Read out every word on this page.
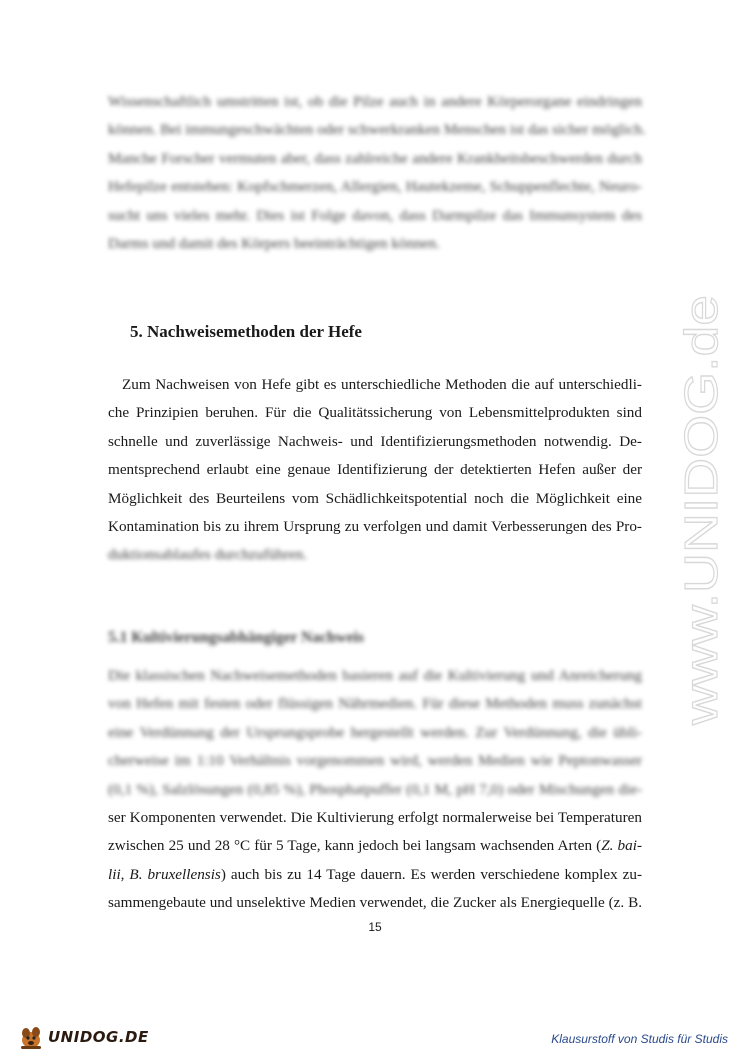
Wissenschaftlich umstritten ist, ob die Pilze auch in andere Körperorgane eindringen
können. Bei immungeschwächten oder schwerkranken Menschen ist das sicher möglich.
Manche Forscher vermuten aber, dass zahlreiche andere Krankheitsbeschwerden durch
Hefepilze entstehen: Kopfschmerzen, Allergien, Hautekzeme, Schuppenflechte, Neuro-
sucht uns vieles mehr. Dies ist Folge davon, dass Darmpilze das Immunsystem des
Darms und damit des Körpers beeinträchtigen können.
5. Nachweisemethoden der Hefe
Zum Nachweisen von Hefe gibt es unterschiedliche Methoden die auf unterschiedli-
che Prinzipien beruhen. Für die Qualitätssicherung von Lebensmittelprodukten sind
schnelle und zuverlässige Nachweis- und Identifizierungsmethoden notwendig. De-
mentsprechend erlaubt eine genaue Identifizierung der detektierten Hefen außer der
Möglichkeit des Beurteilens vom Schädlichkeitspotential noch die Möglichkeit eine
Kontamination bis zu ihrem Ursprung zu verfolgen und damit Verbesserungen des Pro-
duktionsablaufes durchzuführen.
5.1 Kultivierungsabhängiger Nachweis
Die klassischen Nachweisemethoden basieren auf die Kultivierung und Anreicherung
von Hefen mit festen oder flüssigen Nährmedien. Für diese Methoden muss zunächst
eine Verdünnung der Ursprungsprobe hergestellt werden. Zur Verdünnung, die übli-
cherweise im 1:10 Verhältnis vorgenommen wird, werden Medien wie Peptonwasser
(0,1 %), Salzlösungen (0,85 %), Phosphatpuffer (0,1 M, pH 7,0) oder Mischungen die-
ser Komponenten verwendet. Die Kultivierung erfolgt normalerweise bei Temperaturen
zwischen 25 und 28 °C für 5 Tage, kann jedoch bei langsam wachsenden Arten (Z. bai-
lii, B. bruxellensis) auch bis zu 14 Tage dauern. Es werden verschiedene komplex zu-
sammengebaute und unselektive Medien verwendet, die Zucker als Energiequelle (z. B.
15
www.UNIDOG.de
UNIDOG.DE	Klausurstoff von Studis für Studis
